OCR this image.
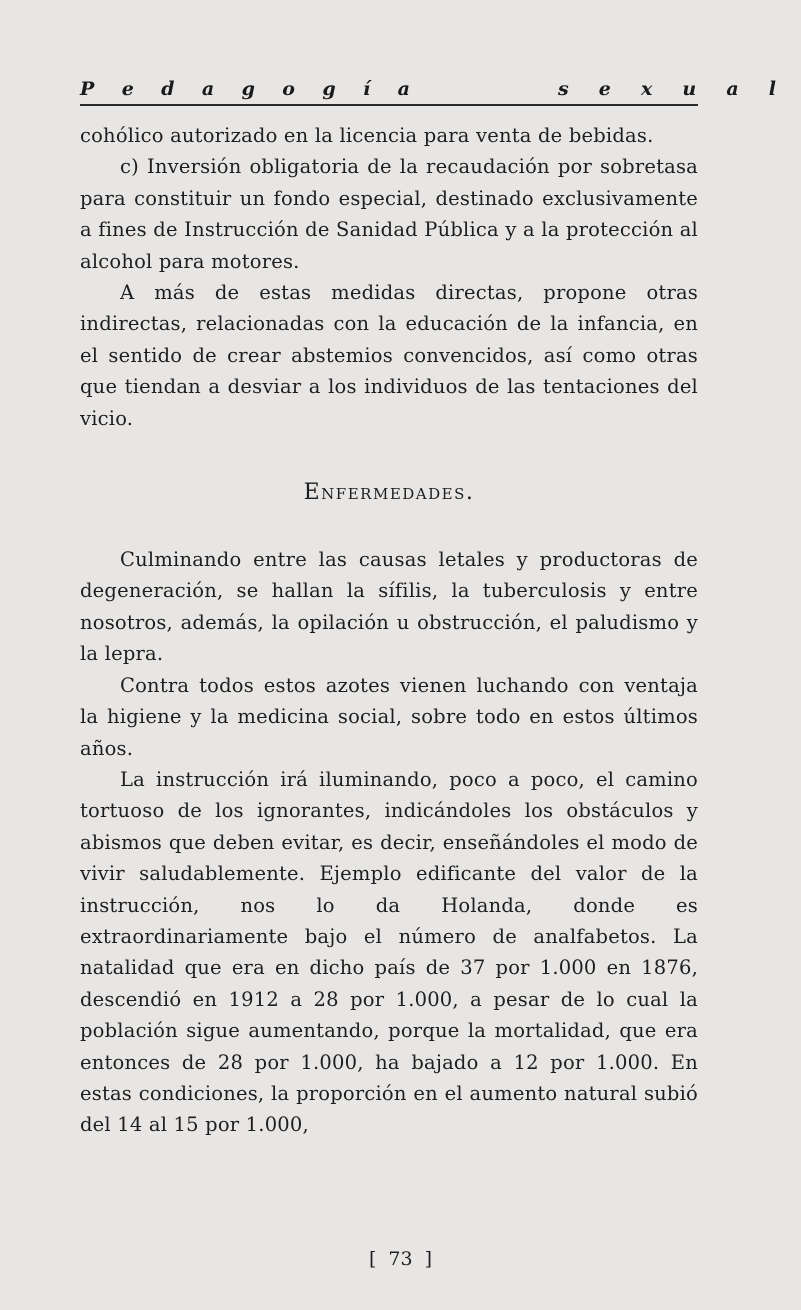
P e d a g o g í a	s e x u a l

cohólico autorizado en la licencia para venta de bebidas.

c) Inversión obligatoria de la recaudación por sobretasa para constituir un fondo especial, destinado exclusivamente a fines de Instrucción de Sanidad Pública y a la protección al alcohol para motores.

A más de estas medidas directas, propone otras indirectas, relacionadas con la educación de la infancia, en el sentido de crear abstemios convencidos, así como otras que tiendan a desviar a los individuos de las tentaciones del vicio.

Enfermedades.

Culminando entre las causas letales y productoras de degeneración, se hallan la sífilis, la tuberculosis y entre nosotros, además, la opilación u obstrucción, el paludismo y la lepra.

Contra todos estos azotes vienen luchando con ventaja la higiene y la medicina social, sobre todo en estos últimos años.

La instrucción irá iluminando, poco a poco, el camino tortuoso de los ignorantes, indicándoles los obstáculos y abismos que deben evitar, es decir, enseñándoles el modo de vivir saludablemente. Ejemplo edificante del valor de la instrucción, nos lo da Holanda, donde es extraordinariamente bajo el número de analfabetos. La natalidad que era en dicho país de 37 por 1.000 en 1876, descendió en 1912 a 28 por 1.000, a pesar de lo cual la población sigue aumentando, porque la mortalidad, que era entonces de 28 por 1.000, ha bajado a 12 por 1.000. En estas condiciones, la proporción en el aumento natural subió del 14 al 15 por 1.000,

[ 73 ]
